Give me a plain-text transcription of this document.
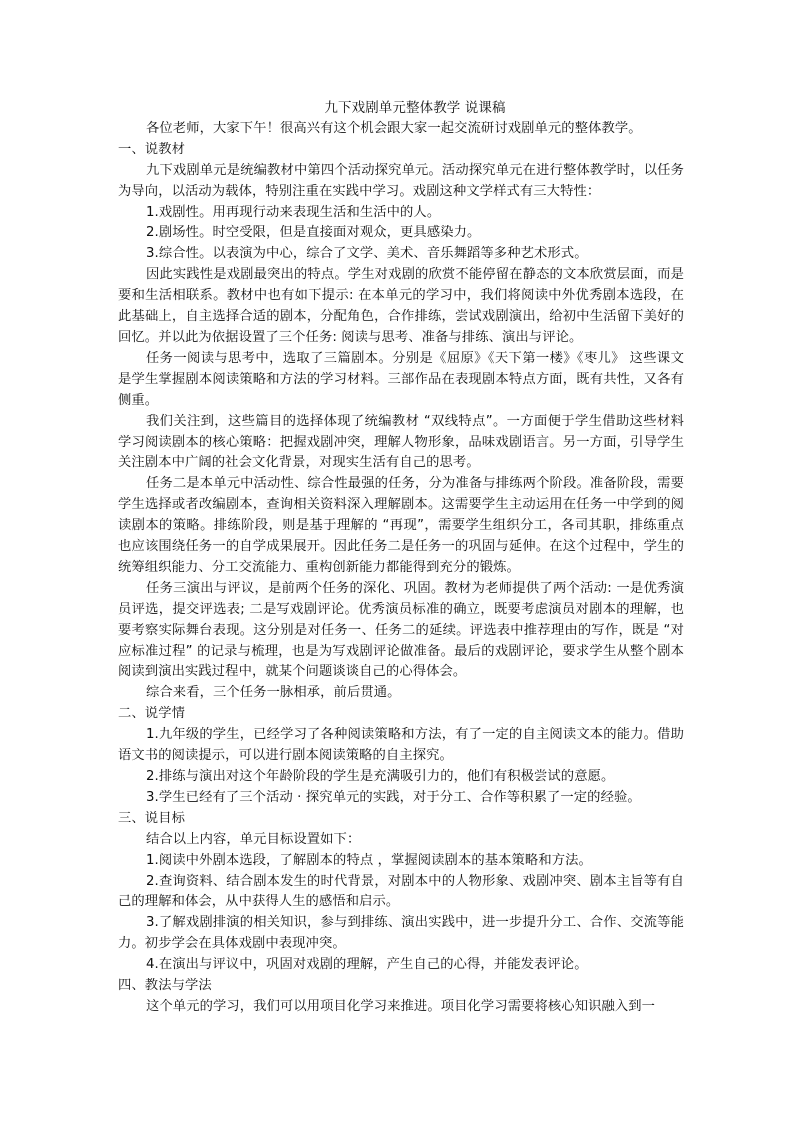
九下戏剧单元整体教学 说课稿

各位老师，大家下午！很高兴有这个机会跟大家一起交流研讨戏剧单元的整体教学。

一、说教材

九下戏剧单元是统编教材中第四个活动探究单元。活动探究单元在进行整体教学时，以任务为导向，以活动为载体，特别注重在实践中学习。戏剧这种文学样式有三大特性：

1.戏剧性。用再现行动来表现生活和生活中的人。

2.剧场性。时空受限，但是直接面对观众，更具感染力。

3.综合性。以表演为中心，综合了文学、美术、音乐舞蹈等多种艺术形式。

因此实践性是戏剧最突出的特点。学生对戏剧的欣赏不能停留在静态的文本欣赏层面，而是要和生活相联系。教材中也有如下提示: 在本单元的学习中，我们将阅读中外优秀剧本选段，在此基础上，自主选择合适的剧本，分配角色，合作排练，尝试戏剧演出，给初中生活留下美好的回忆。并以此为依据设置了三个任务: 阅读与思考、准备与排练、演出与评论。

任务一阅读与思考中，选取了三篇剧本。分别是《屈原》《天下第一楼》《枣儿》 这些课文是学生掌握剧本阅读策略和方法的学习材料。三部作品在表现剧本特点方面，既有共性，又各有侧重。

我们关注到，这些篇目的选择体现了统编教材 “双线特点”。一方面便于学生借助这些材料学习阅读剧本的核心策略：把握戏剧冲突，理解人物形象，品味戏剧语言。另一方面，引导学生关注剧本中广阔的社会文化背景，对现实生活有自己的思考。

任务二是本单元中活动性、综合性最强的任务，分为准备与排练两个阶段。准备阶段，需要学生选择或者改编剧本，查询相关资料深入理解剧本。这需要学生主动运用在任务一中学到的阅读剧本的策略。排练阶段，则是基于理解的 “再现”，需要学生组织分工，各司其职，排练重点也应该围绕任务一的自学成果展开。因此任务二是任务一的巩固与延伸。在这个过程中，学生的统筹组织能力、分工交流能力、重构创新能力都能得到充分的锻炼。

任务三演出与评议，是前两个任务的深化、巩固。教材为老师提供了两个活动: 一是优秀演员评选，提交评选表; 二是写戏剧评论。优秀演员标准的确立，既要考虑演员对剧本的理解，也要考察实际舞台表现。这分别是对任务一、任务二的延续。评选表中推荐理由的写作，既是 “对应标准过程” 的记录与梳理，也是为写戏剧评论做准备。最后的戏剧评论，要求学生从整个剧本阅读到演出实践过程中，就某个问题谈谈自己的心得体会。

综合来看，三个任务一脉相承，前后贯通。

二、说学情

1.九年级的学生，已经学习了各种阅读策略和方法，有了一定的自主阅读文本的能力。借助语文书的阅读提示，可以进行剧本阅读策略的自主探究。

2.排练与演出对这个年龄阶段的学生是充满吸引力的，他们有积极尝试的意愿。

3.学生已经有了三个活动 · 探究单元的实践，对于分工、合作等积累了一定的经验。

三、说目标

结合以上内容，单元目标设置如下：

1.阅读中外剧本选段，了解剧本的特点 ，掌握阅读剧本的基本策略和方法。

2.查询资料、结合剧本发生的时代背景，对剧本中的人物形象、戏剧冲突、剧本主旨等有自己的理解和体会，从中获得人生的感悟和启示。

3.了解戏剧排演的相关知识，参与到排练、演出实践中，进一步提升分工、合作、交流等能力。初步学会在具体戏剧中表现冲突。

4.在演出与评议中，巩固对戏剧的理解，产生自己的心得，并能发表评论。

四、教法与学法

这个单元的学习，我们可以用项目化学习来推进。项目化学习需要将核心知识融入到一
